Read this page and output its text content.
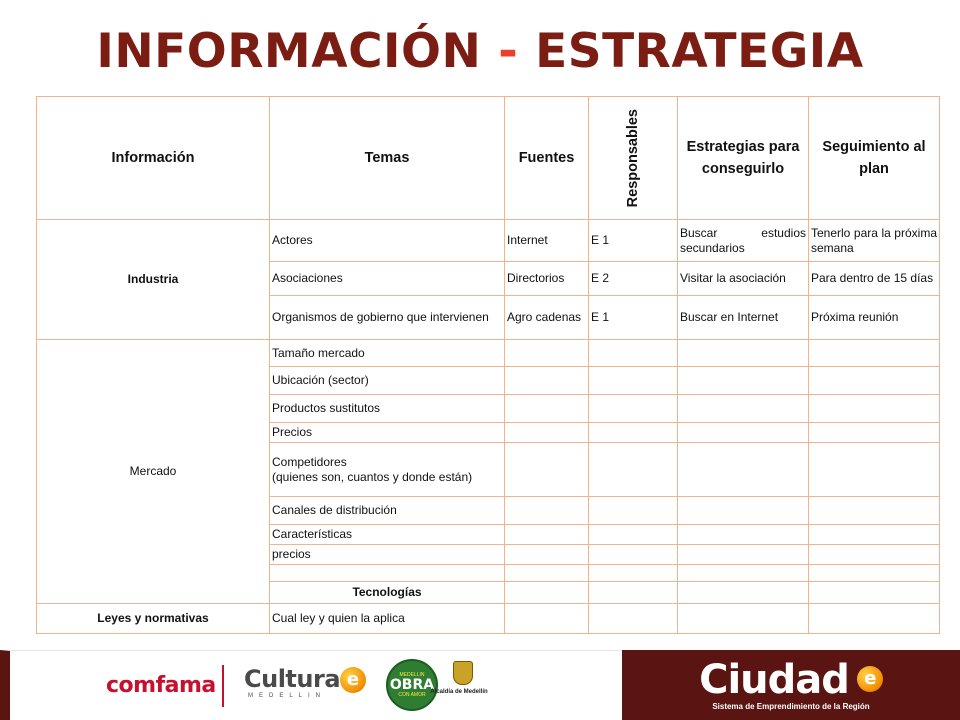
INFORMACIÓN - ESTRATEGIA
Información	Temas	Fuentes	Responsables	Estrategias para conseguirlo	Seguimiento al plan	
Industria	Actores	Internet	E 1	Buscar estudios secundarios	Tenerlo para la próxima semana	
	Asociaciones	Directorios	E 2	Visitar la asociación	Para dentro de 15 días	
	Organismos de gobierno que intervienen	Agro cadenas	E 1	Buscar en Internet	Próxima reunión	
Mercado	Tamaño mercado					
	Ubicación (sector)					
	Productos sustitutos					
	Precios					

	Competidores
(quienes son, cuantos y donde están)					

	Canales de distribución					
	Características					
	precios					

	Tecnologías					
Leyes y normativas	Cual ley y quien la aplica					
comfama Cultura
MEDELLIN
e	MEDELLIN
OBRA
CON AMOR Alcaldía de Medellín	Ciudad e
Sistema de Emprendimiento de la Región
